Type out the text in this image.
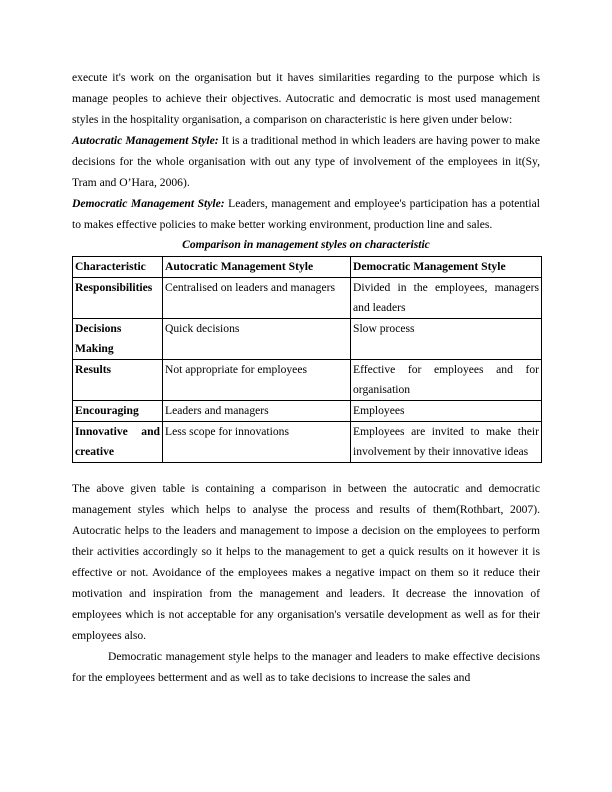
execute it's work on the organisation but it haves similarities regarding to the purpose which is manage peoples to achieve their objectives. Autocratic and democratic is most used management styles in the hospitality organisation, a comparison on characteristic is here given under below:

Autocratic Management Style: It is a traditional method in which leaders are having power to make decisions for the whole organisation with out any type of involvement of the employees in it(Sy, Tram and O’Hara, 2006).

Democratic Management Style: Leaders, management and employee's participation has a potential to makes effective policies to make better working environment, production line and sales.

Comparison in management styles on characteristic
Characteristic	Autocratic Management Style	Democratic Management Style
Responsibilities	Centralised on leaders and managers	Divided in the employees, managers and leaders
Decisions Making	Quick decisions	Slow process
Results	Not appropriate for employees	Effective for employees and for organisation
Encouraging	Leaders and managers	Employees
Innovative and creative	Less scope for innovations	Employees are invited to make their involvement by their innovative ideas

The above given table is containing a comparison in between the autocratic and democratic management styles which helps to analyse the process and results of them(Rothbart, 2007). Autocratic helps to the leaders and management to impose a decision on the employees to perform their activities accordingly so it helps to the management to get a quick results on it however it is effective or not. Avoidance of the employees makes a negative impact on them so it reduce their motivation and inspiration from the management and leaders. It decrease the innovation of employees which is not acceptable for any organisation's versatile development as well as for their employees also.

Democratic management style helps to the manager and leaders to make effective decisions for the employees betterment and as well as to take decisions to increase the sales and
